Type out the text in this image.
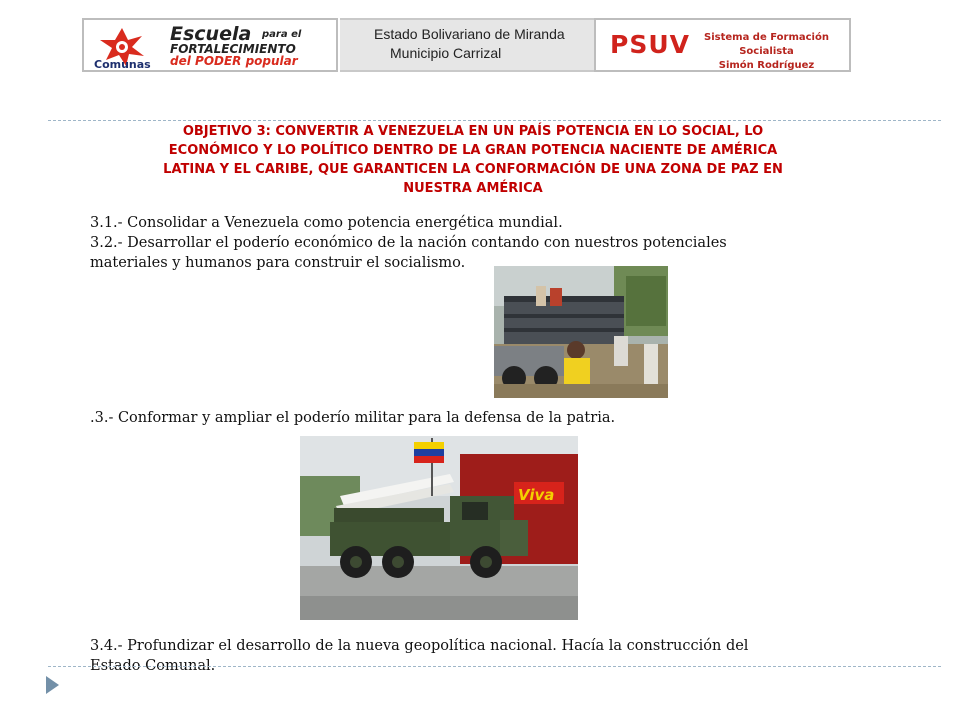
Escuela para el
FORTALECIMIENTO
del PODER popular
Comunas
Estado Bolivariano de Miranda
Municipio Carrizal	PSUV	Sistema de Formación Socialista
Simón Rodríguez
OBJETIVO 3: CONVERTIR A VENEZUELA EN UN PAÍS POTENCIA EN LO SOCIAL, LO
ECONÓMICO Y LO POLÍTICO DENTRO DE LA GRAN POTENCIA NACIENTE DE AMÉRICA
LATINA Y EL CARIBE, QUE GARANTICEN LA CONFORMACIÓN DE UNA ZONA DE PAZ EN
NUESTRA AMÉRICA
3.1.- Consolidar a Venezuela como potencia energética mundial.
3.2.- Desarrollar el poderío económico de la nación contando con nuestros potenciales
materiales y humanos para construir el socialismo.
.3.- Conformar y ampliar el poderío militar para la defensa de la patria.
Viva
3.4.- Profundizar el desarrollo de la nueva geopolítica nacional. Hacía la construcción del
Estado Comunal.
